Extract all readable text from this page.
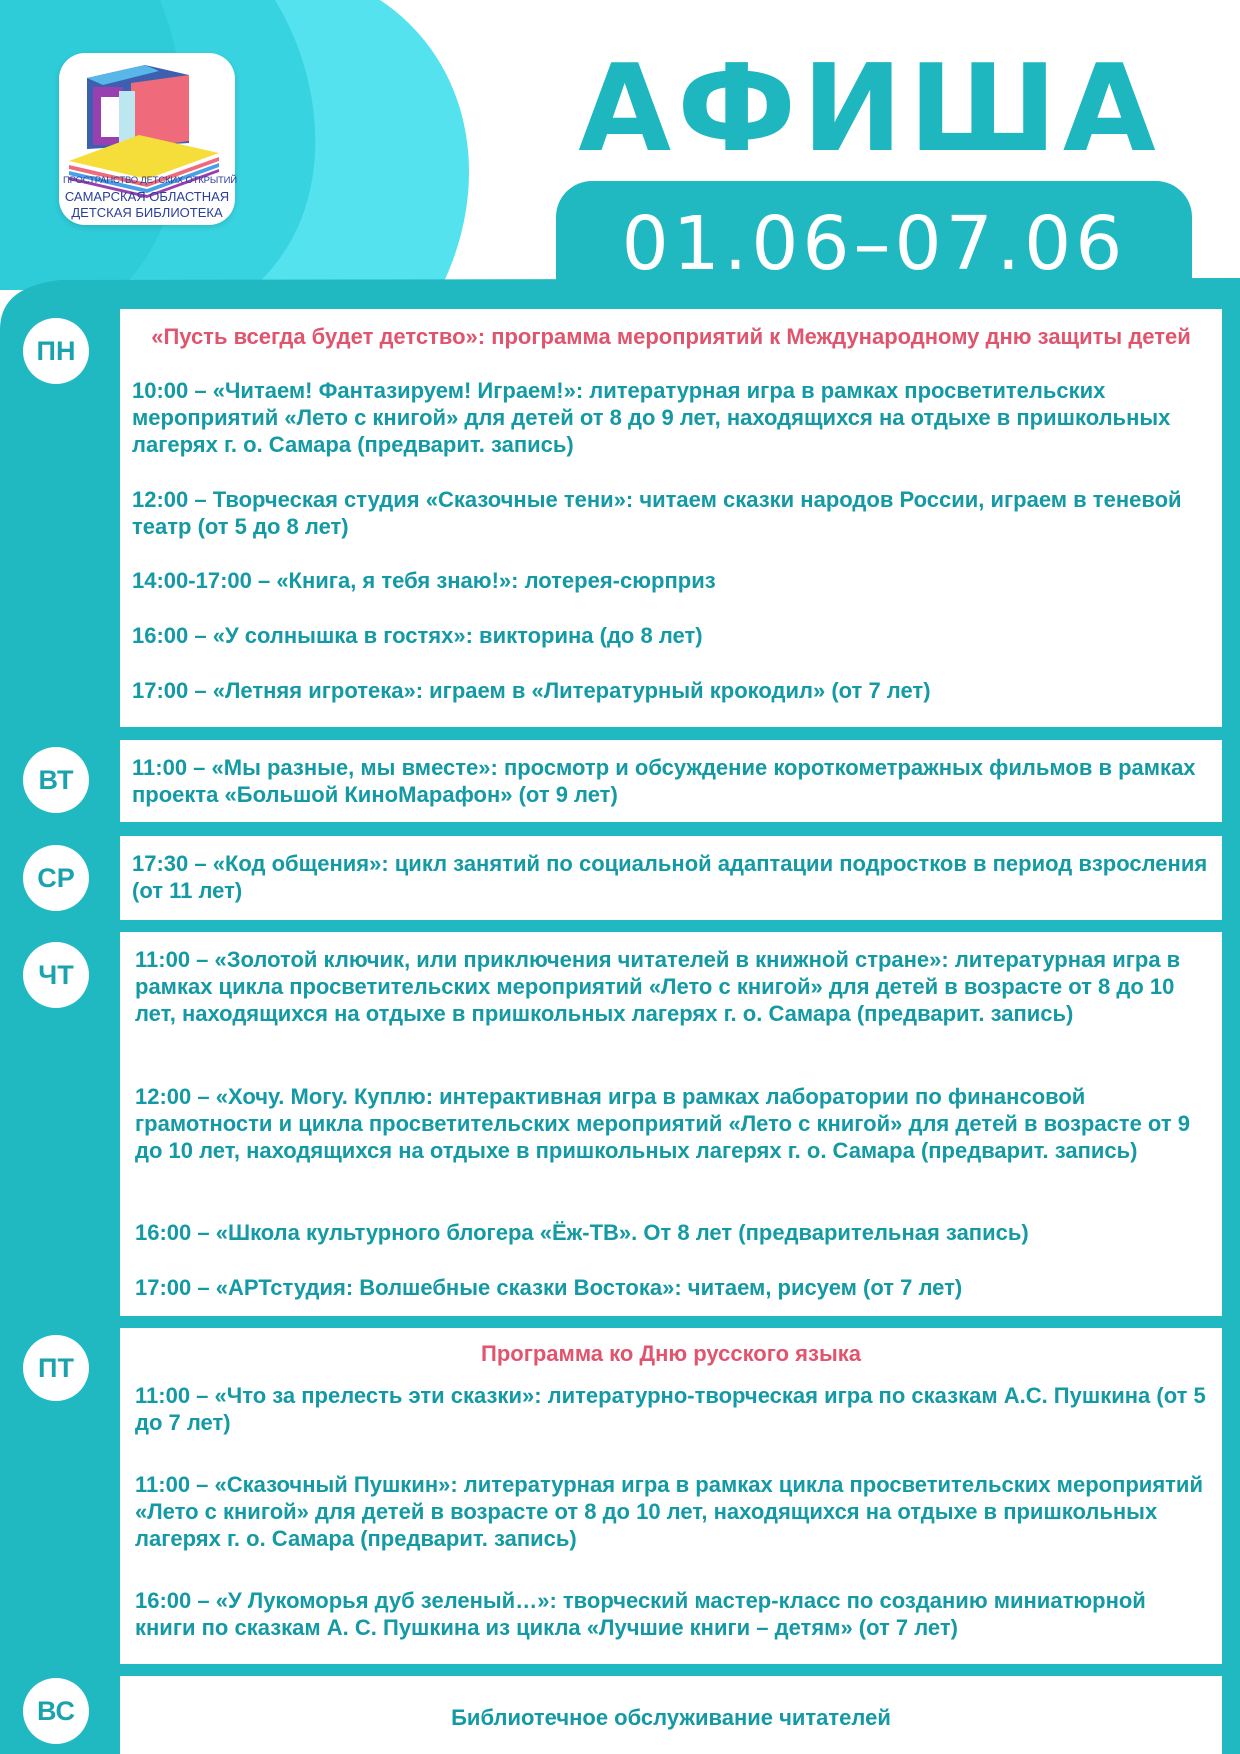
ПРОСТРАНСТВО ДЕТСКИХ ОТКРЫТИЙ
САМАРСКАЯ ОБЛАСТНАЯ
ДЕТСКАЯ БИБЛИОТЕКА
АФИША
01.06–07.06
ПН	«Пусть всегда будет детство»: программа мероприятий к Международному дню защиты детей
10:00 – «Читаем! Фантазируем! Играем!»: литературная игра в рамках просветительских мероприятий «Лето с книгой» для детей от 8 до 9 лет, находящихся на отдыхе в пришкольных лагерях г. о. Самара (предварит. запись)
12:00 – Творческая студия «Сказочные тени»: читаем сказки народов России, играем в теневой театр (от 5 до 8 лет)
14:00-17:00 – «Книга, я тебя знаю!»: лотерея-сюрприз
16:00 – «У солнышка в гостях»: викторина (до 8 лет)
17:00 – «Летняя игротека»: играем в «Литературный крокодил» (от 7 лет)
ВТ	11:00 – «Мы разные, мы вместе»: просмотр и обсуждение короткометражных фильмов в рамках проекта «Большой КиноМарафон» (от 9 лет)
СР	17:30 – «Код общения»: цикл занятий по социальной адаптации подростков в период взросления (от 11 лет)
ЧТ
11:00 – «Золотой ключик, или приключения читателей в книжной стране»: литературная игра в рамках цикла просветительских мероприятий «Лето с книгой» для детей в возрасте от 8 до 10 лет, находящихся на отдыхе в пришкольных лагерях г. о. Самара (предварит. запись)
12:00 – «Хочу. Могу. Куплю: интерактивная игра в рамках лаборатории по финансовой грамотности и цикла просветительских мероприятий «Лето с книгой» для детей в возрасте от 9 до 10 лет, находящихся на отдыхе в пришкольных лагерях г. о. Самара (предварит. запись)
16:00 – «Школа культурного блогера «Ёж-ТВ». От 8 лет (предварительная запись)
17:00 – «АРТстудия: Волшебные сказки Востока»: читаем, рисуем (от 7 лет)
ПТ	Программа ко Дню русского языка
11:00 – «Что за прелесть эти сказки»: литературно-творческая игра по сказкам А.С. Пушкина (от 5 до 7 лет)
11:00 – «Сказочный Пушкин»: литературная игра в рамках цикла просветительских мероприятий «Лето с книгой» для детей в возрасте от 8 до 10 лет, находящихся на отдыхе в пришкольных лагерях г. о. Самара (предварит. запись)
16:00 – «У Лукоморья дуб зеленый…»: творческий мастер-класс по созданию миниатюрной книги по сказкам А. С. Пушкина из цикла «Лучшие книги – детям» (от 7 лет)
ВС	Библиотечное обслуживание читателей
